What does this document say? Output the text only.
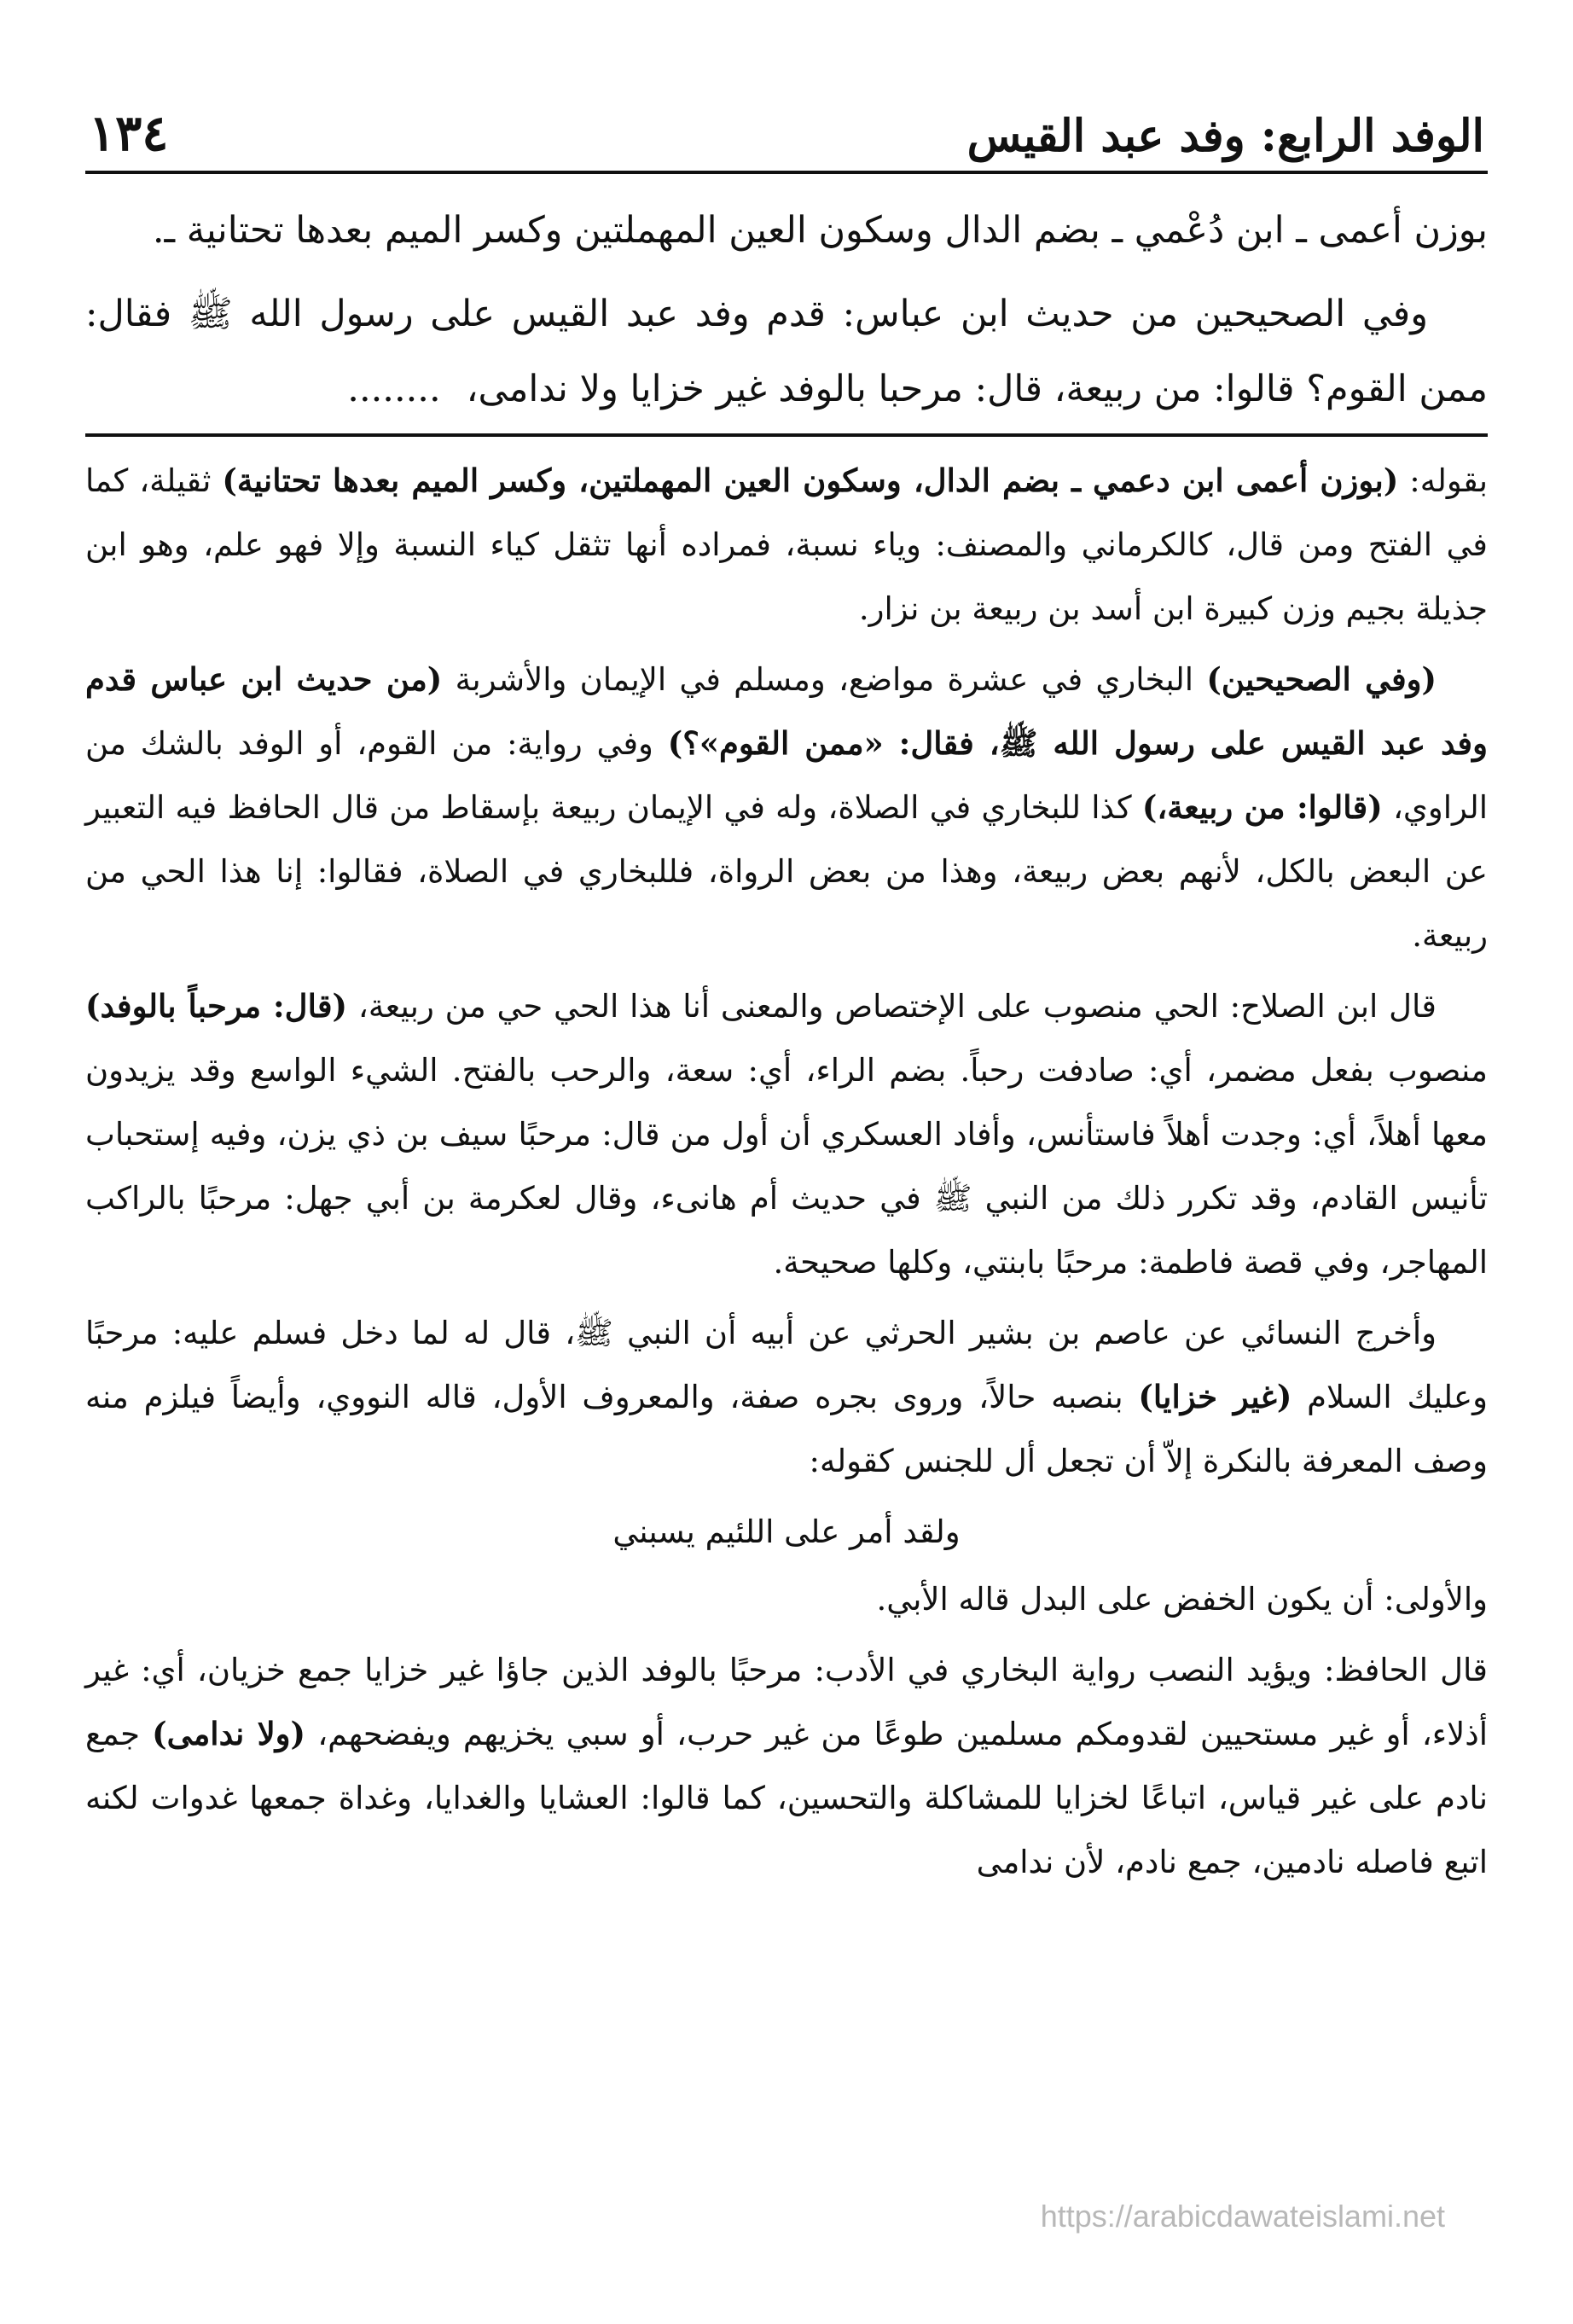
الوفد الرابع: وفد عبد القيس
١٣٤

بوزن أعمى ـ ابن دُعْمي ـ بضم الدال وسكون العين المهملتين وكسر الميم بعدها تحتانية ـ.

وفي الصحيحين من حديث ابن عباس: قدم وفد عبد القيس على رسول الله ﷺ فقال: ممن القوم؟ قالوا: من ربيعة، قال: مرحبا بالوفد غير خزايا ولا ندامى،........

بقوله: (بوزن أعمى ابن دعمي ـ بضم الدال، وسكون العين المهملتين، وكسر الميم بعدها تحتانية) ثقيلة، كما في الفتح ومن قال، كالكرماني والمصنف: وياء نسبة، فمراده أنها تثقل كياء النسبة وإلا فهو علم، وهو ابن جذيلة بجيم وزن كبيرة ابن أسد بن ربيعة بن نزار.

(وفي الصحيحين) البخاري في عشرة مواضع، ومسلم في الإيمان والأشربة (من حديث ابن عباس قدم وفد عبد القيس على رسول الله ﷺ، فقال: «ممن القوم»؟) وفي رواية: من القوم، أو الوفد بالشك من الراوي، (قالوا: من ربيعة،) كذا للبخاري في الصلاة، وله في الإيمان ربيعة بإسقاط من قال الحافظ فيه التعبير عن البعض بالكل، لأنهم بعض ربيعة، وهذا من بعض الرواة، فللبخاري في الصلاة، فقالوا: إنا هذا الحي من ربيعة.

قال ابن الصلاح: الحي منصوب على الإختصاص والمعنى أنا هذا الحي حي من ربيعة، (قال: مرحباً بالوفد) منصوب بفعل مضمر، أي: صادفت رحباً. بضم الراء، أي: سعة، والرحب بالفتح. الشيء الواسع وقد يزيدون معها أهلاً، أي: وجدت أهلاً فاستأنس، وأفاد العسكري أن أول من قال: مرحبًا سيف بن ذي يزن، وفيه إستحباب تأنيس القادم، وقد تكرر ذلك من النبي ﷺ في حديث أم هانىء، وقال لعكرمة بن أبي جهل: مرحبًا بالراكب المهاجر، وفي قصة فاطمة: مرحبًا بابنتي، وكلها صحيحة.

وأخرج النسائي عن عاصم بن بشير الحرثي عن أبيه أن النبي ﷺ، قال له لما دخل فسلم عليه: مرحبًا وعليك السلام (غير خزايا) بنصبه حالاً، وروى بجره صفة، والمعروف الأول، قاله النووي، وأيضاً فيلزم منه وصف المعرفة بالنكرة إلاّ أن تجعل أل للجنس كقوله:

ولقد أمر على اللئيم يسبني

والأولى: أن يكون الخفض على البدل قاله الأبي.

قال الحافظ: ويؤيد النصب رواية البخاري في الأدب: مرحبًا بالوفد الذين جاؤا غير خزايا جمع خزيان، أي: غير أذلاء، أو غير مستحيين لقدومكم مسلمين طوعًا من غير حرب، أو سبي يخزيهم ويفضحهم، (ولا ندامى) جمع نادم على غير قياس، اتباعًا لخزايا للمشاكلة والتحسين، كما قالوا: العشايا والغدايا، وغداة جمعها غدوات لكنه اتبع فاصله نادمين، جمع نادم، لأن ندامى

https://arabicdawateislami.net
